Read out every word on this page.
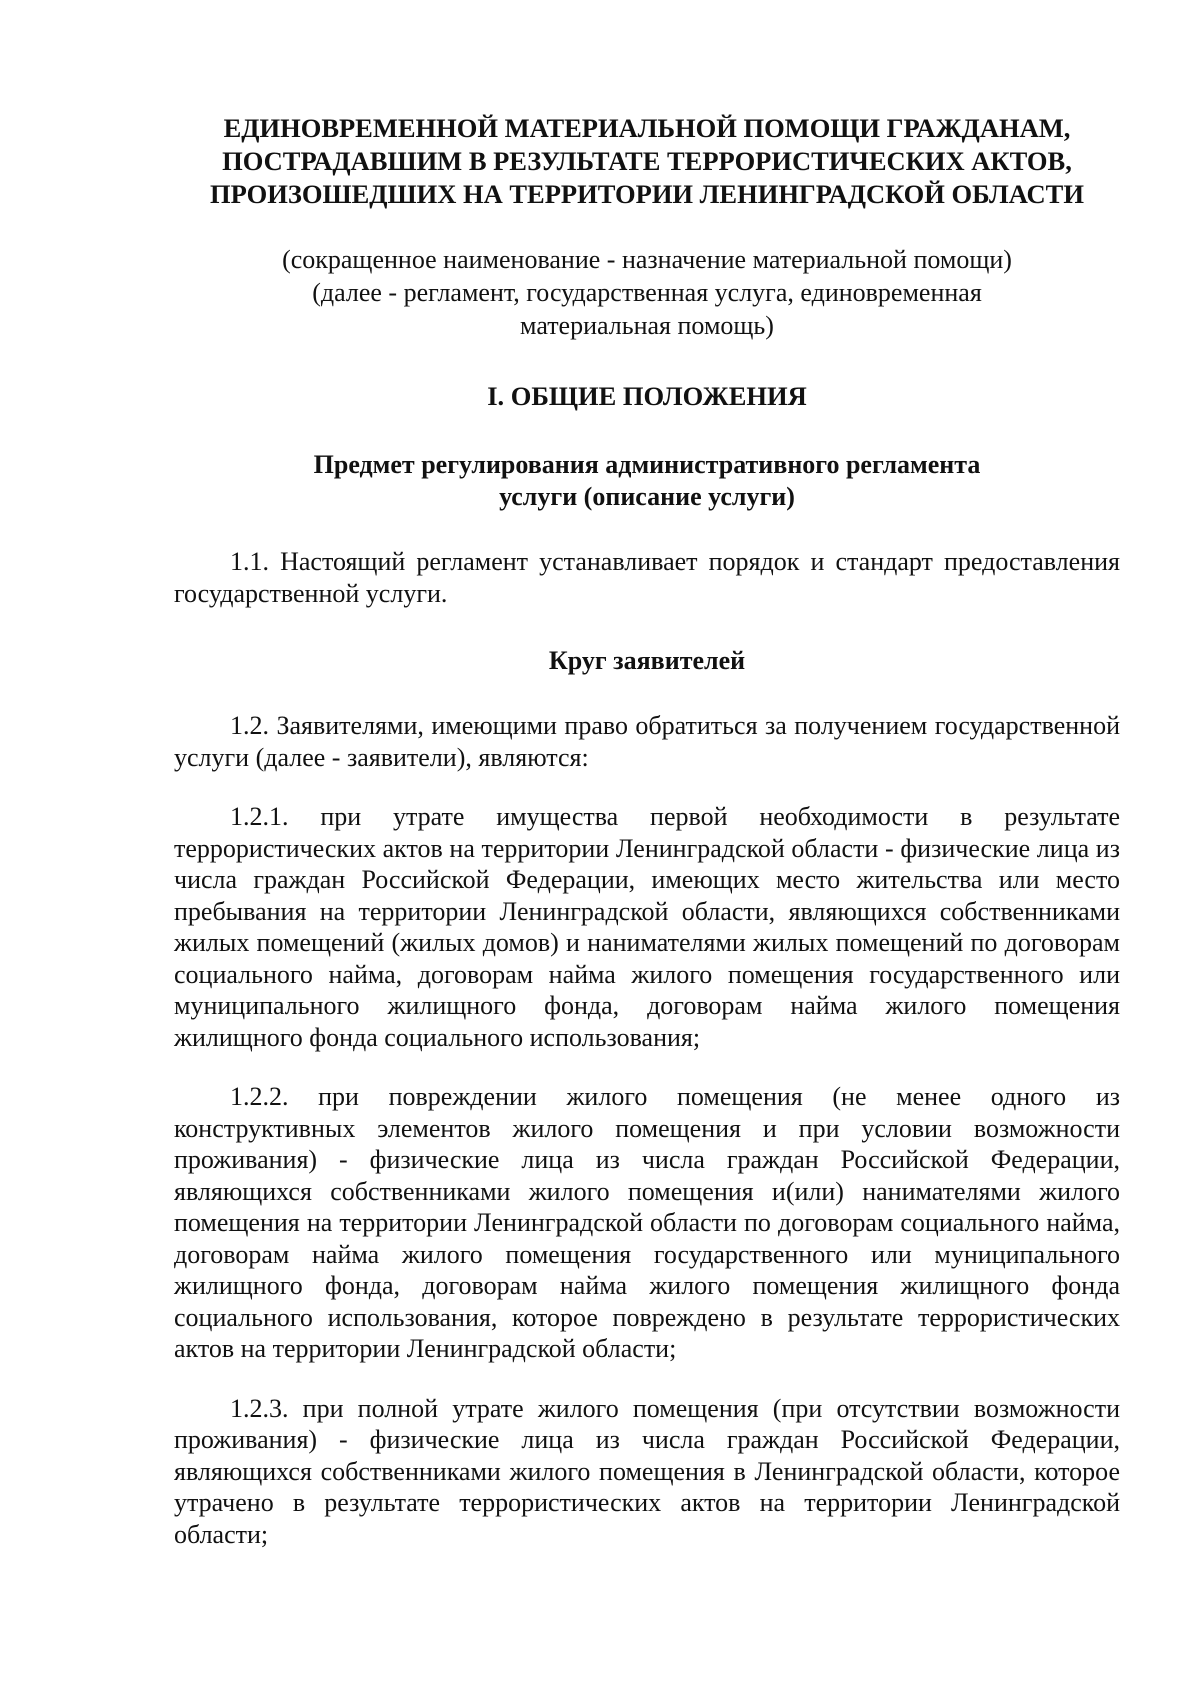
ЕДИНОВРЕМЕННОЙ МАТЕРИАЛЬНОЙ ПОМОЩИ ГРАЖДАНАМ,
ПОСТРАДАВШИМ В РЕЗУЛЬТАТЕ ТЕРРОРИСТИЧЕСКИХ АКТОВ,
ПРОИЗОШЕДШИХ НА ТЕРРИТОРИИ ЛЕНИНГРАДСКОЙ ОБЛАСТИ

(сокращенное наименование - назначение материальной помощи)
(далее - регламент, государственная услуга, единовременная
материальная помощь)

I. ОБЩИЕ ПОЛОЖЕНИЯ
Предмет регулирования административного регламента
услуги (описание услуги)

1.1. Настоящий регламент устанавливает порядок и стандарт предоставления государственной услуги.

Круг заявителей

1.2. Заявителями, имеющими право обратиться за получением государственной услуги (далее - заявители), являются:

1.2.1. при утрате имущества первой необходимости в результате террористических актов на территории Ленинградской области - физические лица из числа граждан Российской Федерации, имеющих место жительства или место пребывания на территории Ленинградской области, являющихся собственниками жилых помещений (жилых домов) и нанимателями жилых помещений по договорам социального найма, договорам найма жилого помещения государственного или муниципального жилищного фонда, договорам найма жилого помещения жилищного фонда социального использования;

1.2.2. при повреждении жилого помещения (не менее одного из конструктивных элементов жилого помещения и при условии возможности проживания) - физические лица из числа граждан Российской Федерации, являющихся собственниками жилого помещения и(или) нанимателями жилого помещения на территории Ленинградской области по договорам социального найма, договорам найма жилого помещения государственного или муниципального жилищного фонда, договорам найма жилого помещения жилищного фонда социального использования, которое повреждено в результате террористических актов на территории Ленинградской области;

1.2.3. при полной утрате жилого помещения (при отсутствии возможности проживания) - физические лица из числа граждан Российской Федерации, являющихся собственниками жилого помещения в Ленинградской области, которое утрачено в результате террористических актов на территории Ленинградской области;
